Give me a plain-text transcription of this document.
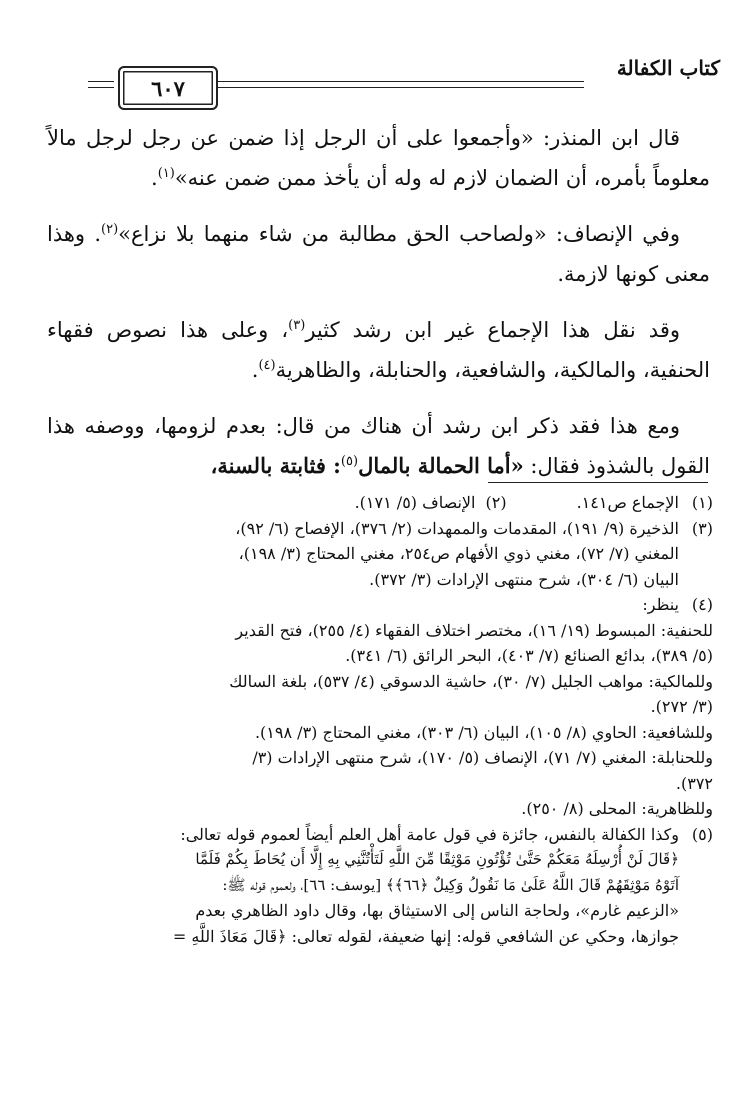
كتاب الكفالة
٦٠٧

قال ابن المنذر: «وأجمعوا على أن الرجل إذا ضمن عن رجل لرجل مالاً معلوماً بأمره، أن الضمان لازم له وله أن يأخذ ممن ضمن عنه»$^{(١)}$.

وفي الإنصاف: «ولصاحب الحق مطالبة من شاء منهما بلا نزاع»$^{(٢)}$. وهذا معنى كونها لازمة.

وقد نقل هذا الإجماع غير ابن رشد كثير$^{(٣)}$، وعلى هذا نصوص فقهاء الحنفية، والمالكية، والشافعية، والحنابلة، والظاهرية$^{(٤)}$.

ومع هذا فقد ذكر ابن رشد أن هناك من قال: بعدم لزومها، ووصفه هذا القول بالشذوذ فقال: «أما الحمالة بالمال$^{(٥)}$: فثابتة بالسنة،

(١)
الإجماع ص١٤١.
(٢)
الإنصاف (٥/ ١٧١).
(٣)
الذخيرة (٩/ ١٩١)، المقدمات والممهدات (٢/ ٣٧٦)، الإفصاح (٦/ ٩٢)،
المغني (٧/ ٧٢)، مغني ذوي الأفهام ص٢٥٤، مغني المحتاج (٣/ ١٩٨)،
البيان (٦/ ٣٠٤)، شرح منتهى الإرادات (٣/ ٣٧٢).
(٤)
ينظر:
للحنفية: المبسوط (١٩/ ١٦)، مختصر اختلاف الفقهاء (٤/ ٢٥٥)، فتح القدير
(٥/ ٣٨٩)، بدائع الصنائع (٧/ ٤٠٣)، البحر الرائق (٦/ ٣٤١).
وللمالكية: مواهب الجليل (٧/ ٣٠)، حاشية الدسوقي (٤/ ٥٣٧)، بلغة السالك
(٣/ ٢٧٢).
وللشافعية: الحاوي (٨/ ١٠٥)، البيان (٦/ ٣٠٣)، مغني المحتاج (٣/ ١٩٨).
وللحنابلة: المغني (٧/ ٧١)، الإنصاف (٥/ ١٧٠)، شرح منتهى الإرادات (٣/
٣٧٢).
وللظاهرية: المحلى (٨/ ٢٥٠).
(٥)
وكذا الكفالة بالنفس، جائزة في قول عامة أهل العلم أيضاً لعموم قوله تعالى:
﴿قَالَ لَنْ أُرْسِلَهُ مَعَكُمْ حَتَّىٰ تُؤْتُونِ مَوْثِقًا مِّنَ اللَّهِ لَتَأْتُنَّنِي بِهِ إِلَّا أَن يُحَاطَ بِكُمْ فَلَمَّا
آتَوْهُ مَوْثِقَهُمْ قَالَ اللَّهُ عَلَىٰ مَا نَقُولُ وَكِيلٌ ﴿٦٦﴾﴾ [يوسف: ٦٦]، ولعموم قوله ﷺ:
«الزعيم غارم»، ولحاجة الناس إلى الاستيثاق بها، وقال داود الظاهري بعدم
جوازها، وحكي عن الشافعي قوله: إنها ضعيفة، لقوله تعالى: ﴿قَالَ مَعَاذَ اللَّهِ =
